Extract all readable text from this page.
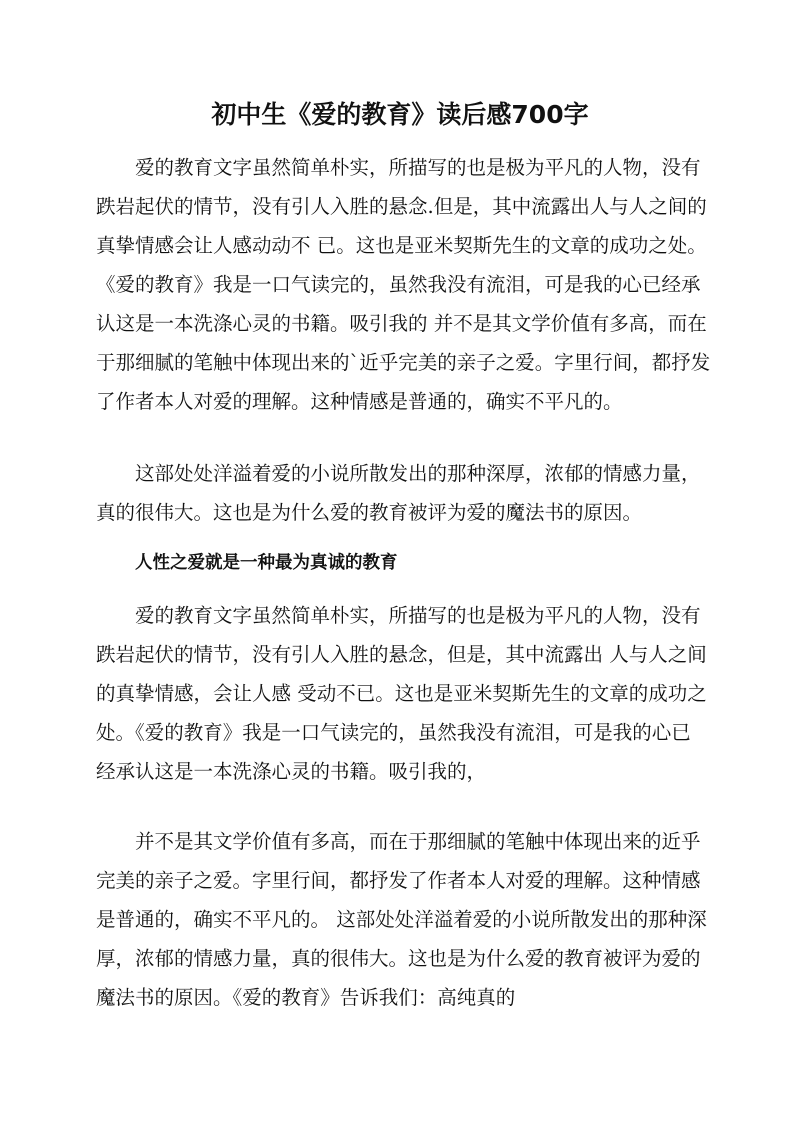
初中生《爱的教育》读后感700字
爱的教育文字虽然简单朴实，所描写的也是极为平凡的人物，没有
跌岩起伏的情节，没有引人入胜的悬念.但是，其中流露出人与人之间的
真挚情感会让人感动动不 已。这也是亚米契斯先生的文章的成功之处。
《爱的教育》我是一口气读完的，虽然我没有流泪，可是我的心已经承
认这是一本洗涤心灵的书籍。吸引我的 并不是其文学价值有多高，而在
于那细腻的笔触中体现出来的`近乎完美的亲子之爱。字里行间，都抒发
了作者本人对爱的理解。这种情感是普通的，确实不平凡的。
这部处处洋溢着爱的小说所散发出的那种深厚，浓郁的情感力量，
真的很伟大。这也是为什么爱的教育被评为爱的魔法书的原因。
人性之爱就是一种最为真诚的教育
爱的教育文字虽然简单朴实，所描写的也是极为平凡的人物，没有
跌岩起伏的情节，没有引人入胜的悬念，但是，其中流露出 人与人之间
的真挚情感，会让人感 受动不已。这也是亚米契斯先生的文章的成功之
处。《爱的教育》我是一口气读完的，虽然我没有流泪，可是我的心已
经承认这是一本洗涤心灵的书籍。吸引我的，
并不是其文学价值有多高，而在于那细腻的笔触中体现出来的近乎
完美的亲子之爱。字里行间，都抒发了作者本人对爱的理解。这种情感
是普通的，确实不平凡的。 这部处处洋溢着爱的小说所散发出的那种深
厚，浓郁的情感力量，真的很伟大。这也是为什么爱的教育被评为爱的
魔法书的原因。《爱的教育》告诉我们：高纯真的
